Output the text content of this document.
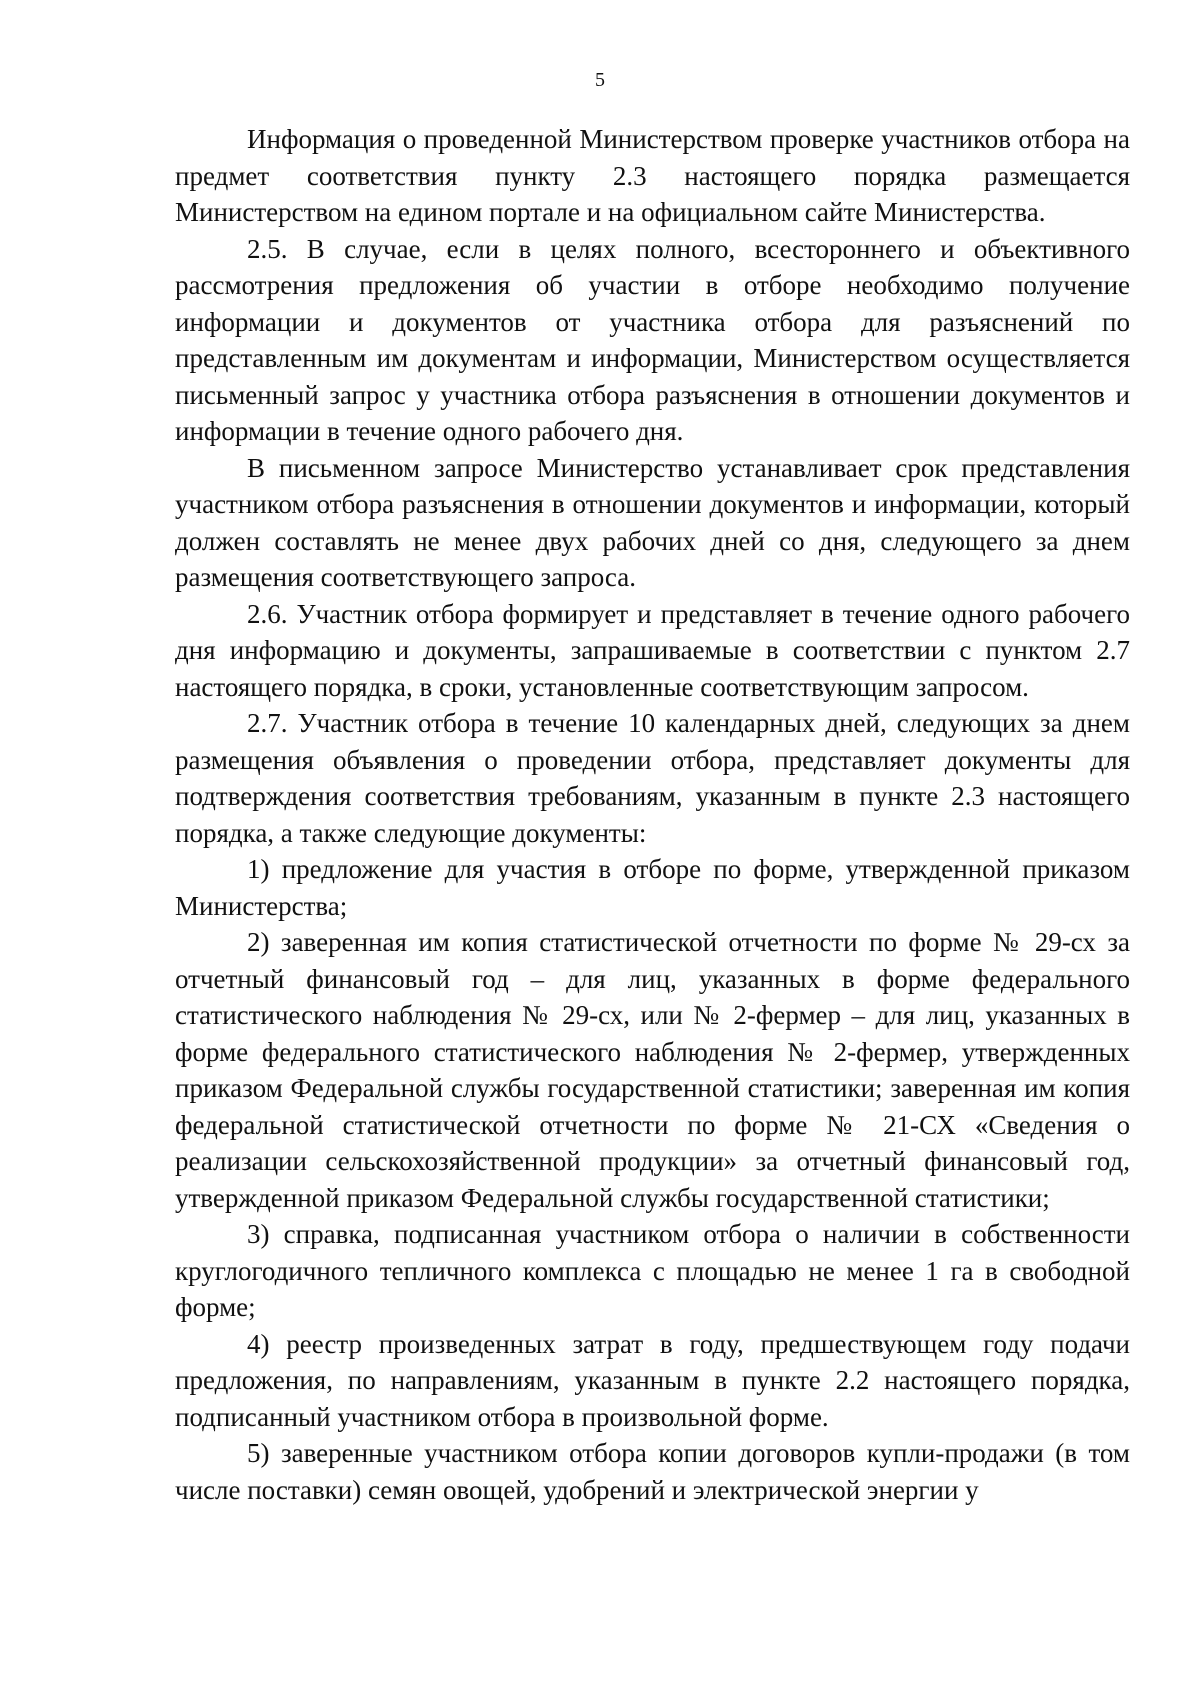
5

Информация о проведенной Министерством проверке участников отбора на предмет соответствия пункту 2.3 настоящего порядка размещается Министерством на едином портале и на официальном сайте Министерства.

2.5. В случае, если в целях полного, всестороннего и объективного рассмотрения предложения об участии в отборе необходимо получение информации и документов от участника отбора для разъяснений по представленным им документам и информации, Министерством осуществляется письменный запрос у участника отбора разъяснения в отношении документов и информации в течение одного рабочего дня.

В письменном запросе Министерство устанавливает срок представления участником отбора разъяснения в отношении документов и информации, который должен составлять не менее двух рабочих дней со дня, следующего за днем размещения соответствующего запроса.

2.6. Участник отбора формирует и представляет в течение одного рабочего дня информацию и документы, запрашиваемые в соответствии с пунктом 2.7 настоящего порядка, в сроки, установленные соответствующим запросом.

2.7. Участник отбора в течение 10 календарных дней, следующих за днем размещения объявления о проведении отбора, представляет документы для подтверждения соответствия требованиям, указанным в пункте 2.3 настоящего порядка, а также следующие документы:

1) предложение для участия в отборе по форме, утвержденной приказом Министерства;

2) заверенная им копия статистической отчетности по форме № 29-сх за отчетный финансовый год – для лиц, указанных в форме федерального статистического наблюдения № 29-сх, или № 2-фермер – для лиц, указанных в форме федерального статистического наблюдения № 2-фермер, утвержденных приказом Федеральной службы государственной статистики; заверенная им копия федеральной статистической отчетности по форме № 21-СХ «Сведения о реализации сельскохозяйственной продукции» за отчетный финансовый год, утвержденной приказом Федеральной службы государственной статистики;

3) справка, подписанная участником отбора о наличии в собственности круглогодичного тепличного комплекса с площадью не менее 1 га в свободной форме;

4) реестр произведенных затрат в году, предшествующем году подачи предложения, по направлениям, указанным в пункте 2.2 настоящего порядка, подписанный участником отбора в произвольной форме.

5) заверенные участником отбора копии договоров купли-продажи (в том числе поставки) семян овощей, удобрений и электрической энергии у
